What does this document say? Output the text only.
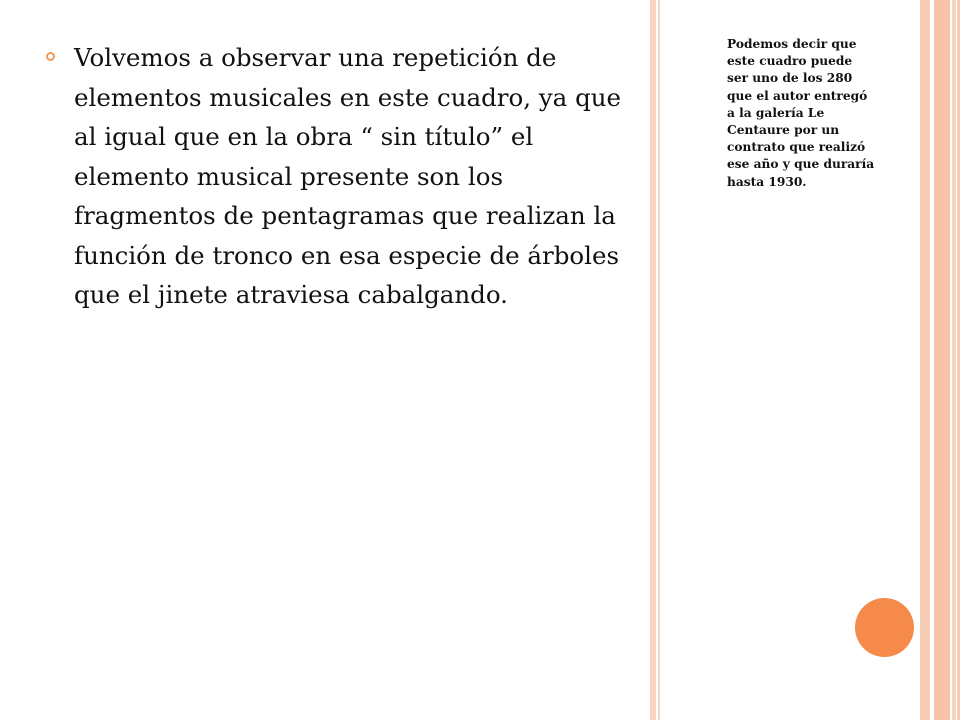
Volvemos a observar una repetición de elementos musicales en este cuadro, ya que al igual que en la obra “ sin título” el elemento musical presente son los fragmentos de pentagramas que realizan la función de tronco en esa especie de árboles que el jinete atraviesa cabalgando.

Podemos decir que este cuadro puede ser uno de los 280 que el autor entregó a la galería Le Centaure por un contrato que realizó ese año y que duraría hasta 1930.
